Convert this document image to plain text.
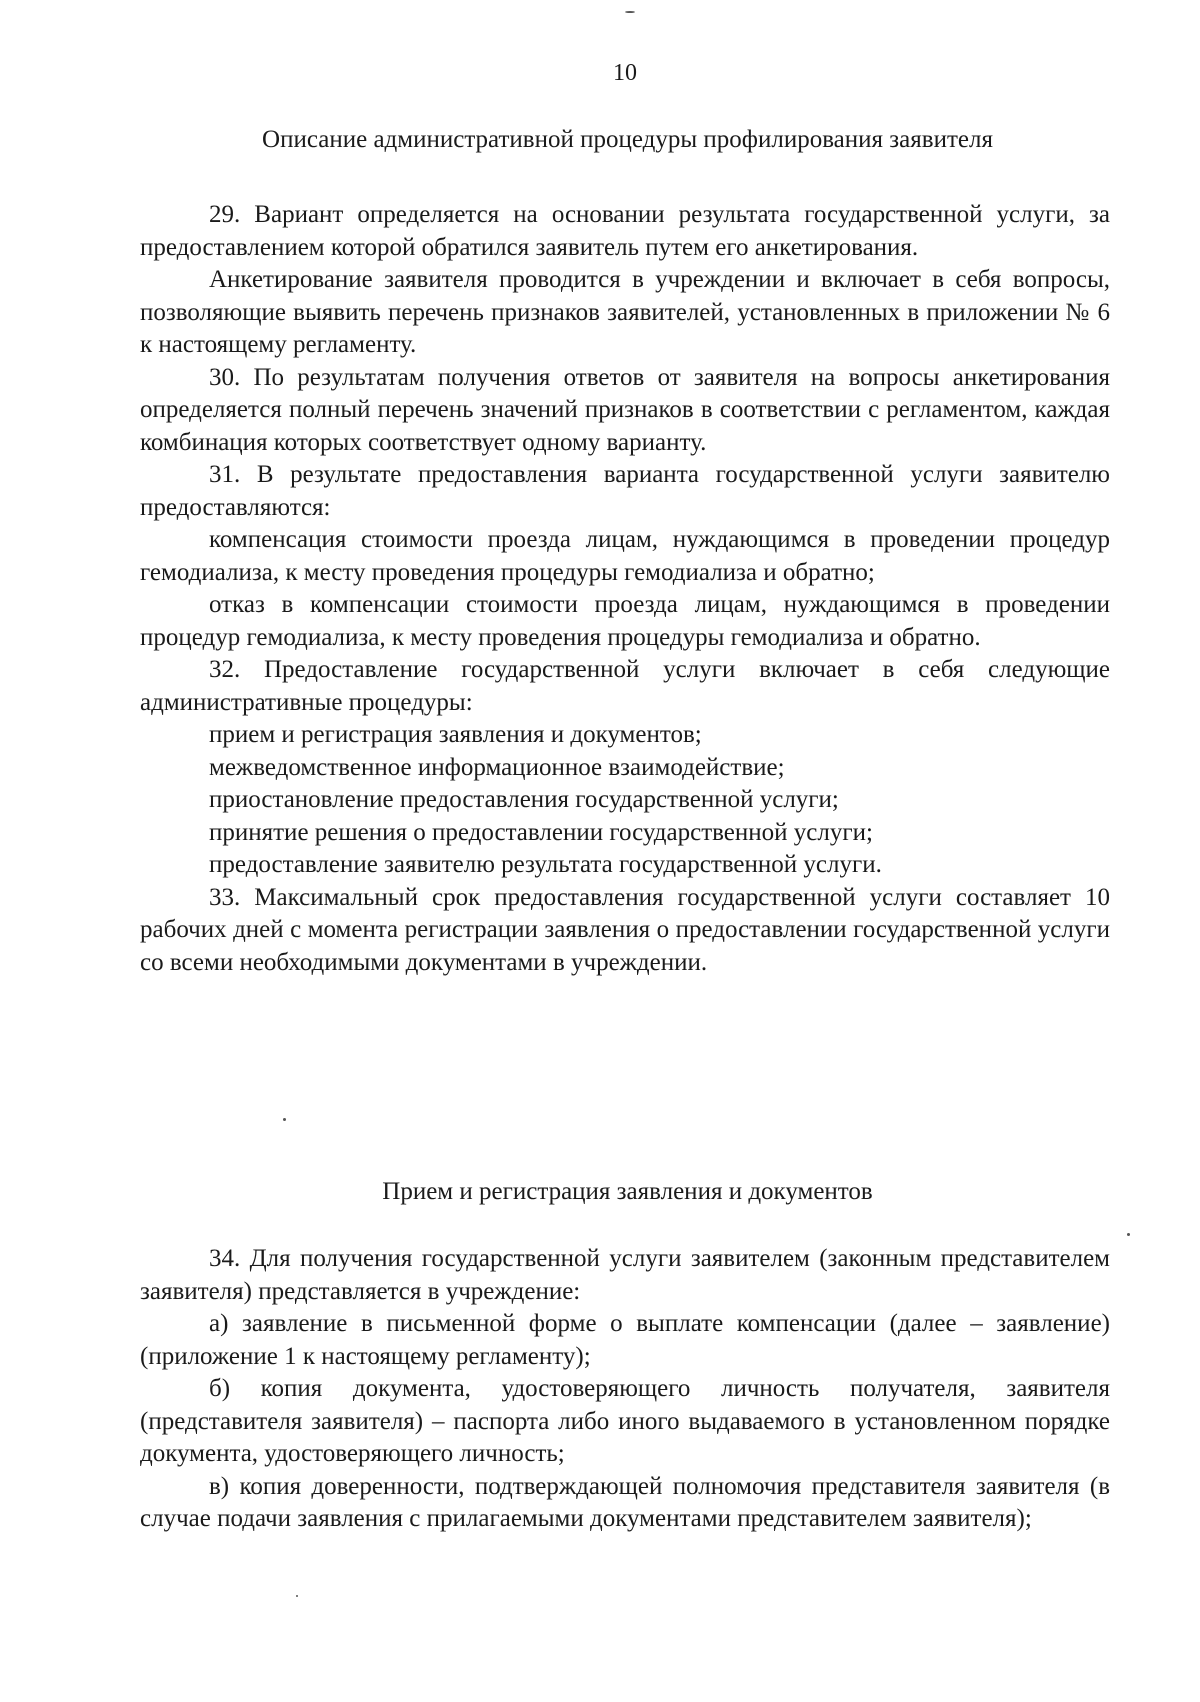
10
Описание административной процедуры профилирования заявителя

29. Вариант определяется на основании результата государственной услуги, за предоставлением которой обратился заявитель путем его анкетирования.

Анкетирование заявителя проводится в учреждении и включает в себя вопросы, позволяющие выявить перечень признаков заявителей, установленных в приложении № 6 к настоящему регламенту.

30. По результатам получения ответов от заявителя на вопросы анкетирования определяется полный перечень значений признаков в соответствии с регламентом, каждая комбинация которых соответствует одному варианту.

31. В результате предоставления варианта государственной услуги заявителю предоставляются:

компенсация стоимости проезда лицам, нуждающимся в проведении процедур гемодиализа, к месту проведения процедуры гемодиализа и обратно;

отказ в компенсации стоимости проезда лицам, нуждающимся в проведении процедур гемодиализа, к месту проведения процедуры гемодиализа и обратно.

32. Предоставление государственной услуги включает в себя следующие административные процедуры:

прием и регистрация заявления и документов;

межведомственное информационное взаимодействие;

приостановление предоставления государственной услуги;

принятие решения о предоставлении государственной услуги;

предоставление заявителю результата государственной услуги.

33. Максимальный срок предоставления государственной услуги составляет 10 рабочих дней с момента регистрации заявления о предоставлении государственной услуги со всеми необходимыми документами в учреждении.

Прием и регистрация заявления и документов

34. Для получения государственной услуги заявителем (законным представителем заявителя) представляется в учреждение:

а) заявление в письменной форме о выплате компенсации (далее – заявление) (приложение 1 к настоящему регламенту);

б) копия документа, удостоверяющего личность получателя, заявителя (представителя заявителя) – паспорта либо иного выдаваемого в установленном порядке документа, удостоверяющего личность;

в) копия доверенности, подтверждающей полномочия представителя заявителя (в случае подачи заявления с прилагаемыми документами представителем заявителя);
